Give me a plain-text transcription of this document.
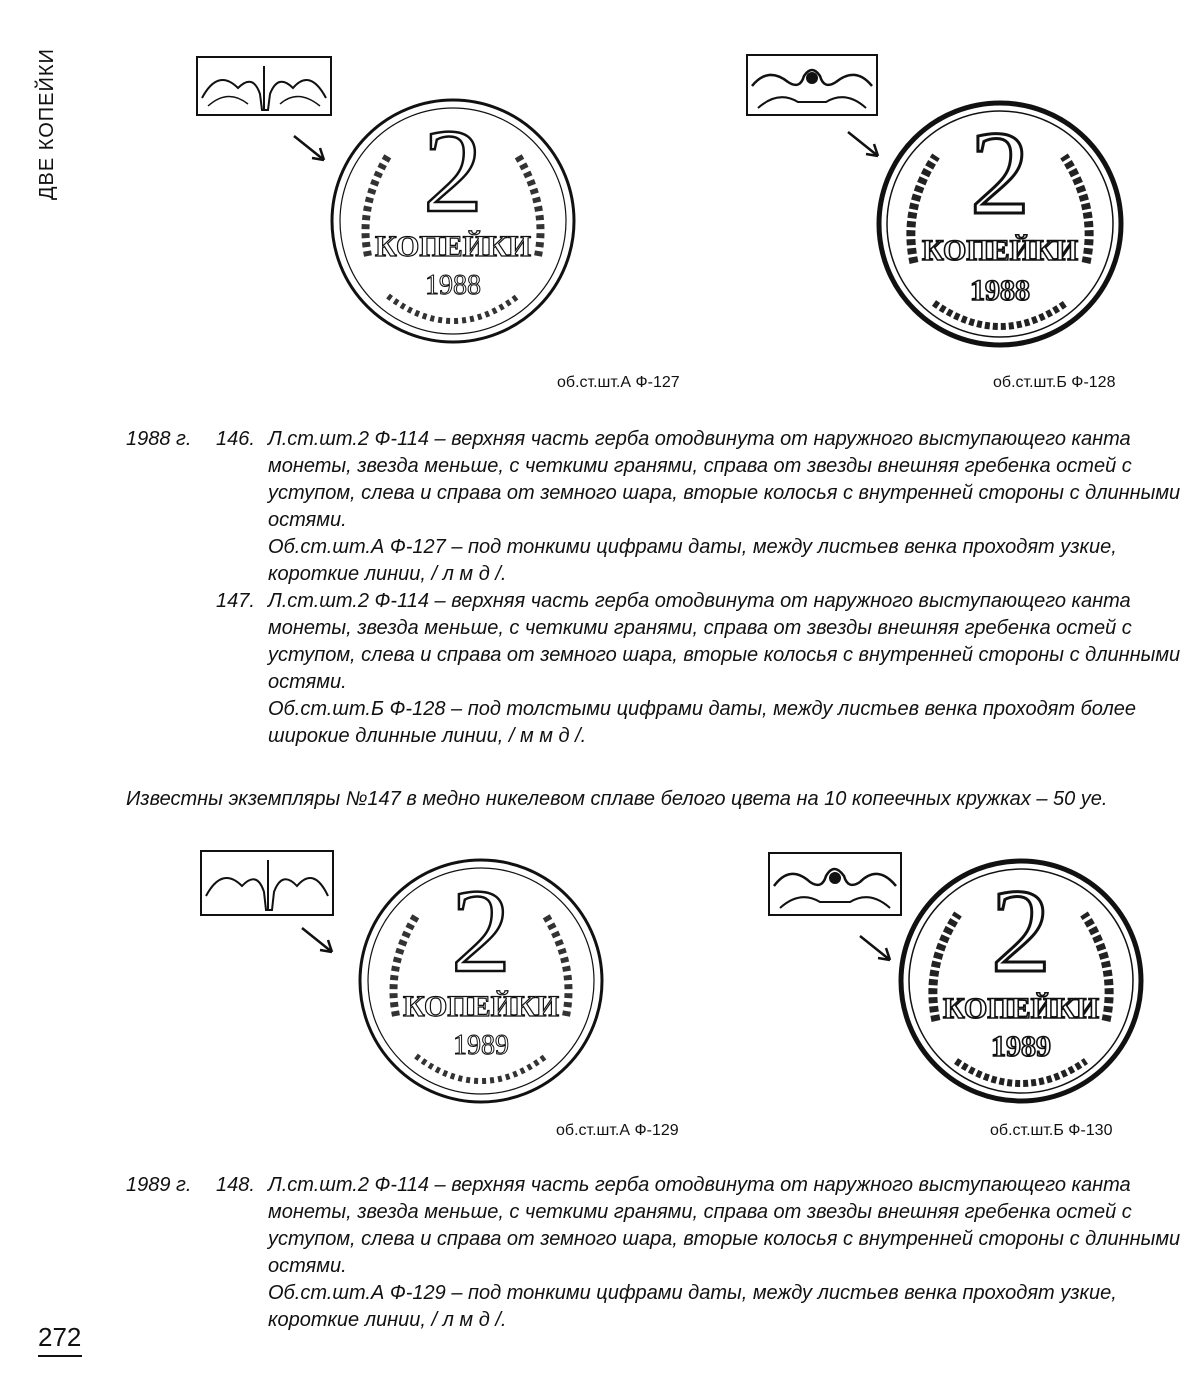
ДВЕ КОПЕЙКИ	2
КОПЕЙКИ
1988
об.ст.шт.А Ф-127
2
КОПЕЙКИ
1988
об.ст.шт.Б Ф-128
1988 г.	146. Л.ст.шт.2 Ф-114 – верхняя часть герба отодвинута от наружного выступающего канта монеты, звезда меньше, с четкими гранями, справа от звезды внешняя гребенка остей с уступом, слева и справа от земного шара, вторые колосья с внутренней стороны с длинными остями.
Об.ст.шт.А Ф-127 – под тонкими цифрами даты, между листьев венка проходят узкие, короткие линии, / л м д /.
147. Л.ст.шт.2 Ф-114 – верхняя часть герба отодвинута от наружного выступающего канта монеты, звезда меньше, с четкими гранями, справа от звезды внешняя гребенка остей с уступом, слева и справа от земного шара, вторые колосья с внутренней стороны с длинными остями.
Об.ст.шт.Б Ф-128 – под толстыми цифрами даты, между листьев венка проходят более широкие длинные линии, / м м д /.
Известны экземпляры №147 в медно никелевом сплаве белого цвета на 10 копеечных кружках – 50 уе.
2
КОПЕЙКИ
1989
об.ст.шт.А Ф-129
2
КОПЕЙКИ
1989
об.ст.шт.Б Ф-130
1989 г.	148. Л.ст.шт.2 Ф-114 – верхняя часть герба отодвинута от наружного выступающего канта монеты, звезда меньше, с четкими гранями, справа от звезды внешняя гребенка остей с уступом, слева и справа от земного шара, вторые колосья с внутренней стороны с длинными остями.
Об.ст.шт.А Ф-129 – под тонкими цифрами даты, между листьев венка проходят узкие, короткие линии, / л м д /.
272
